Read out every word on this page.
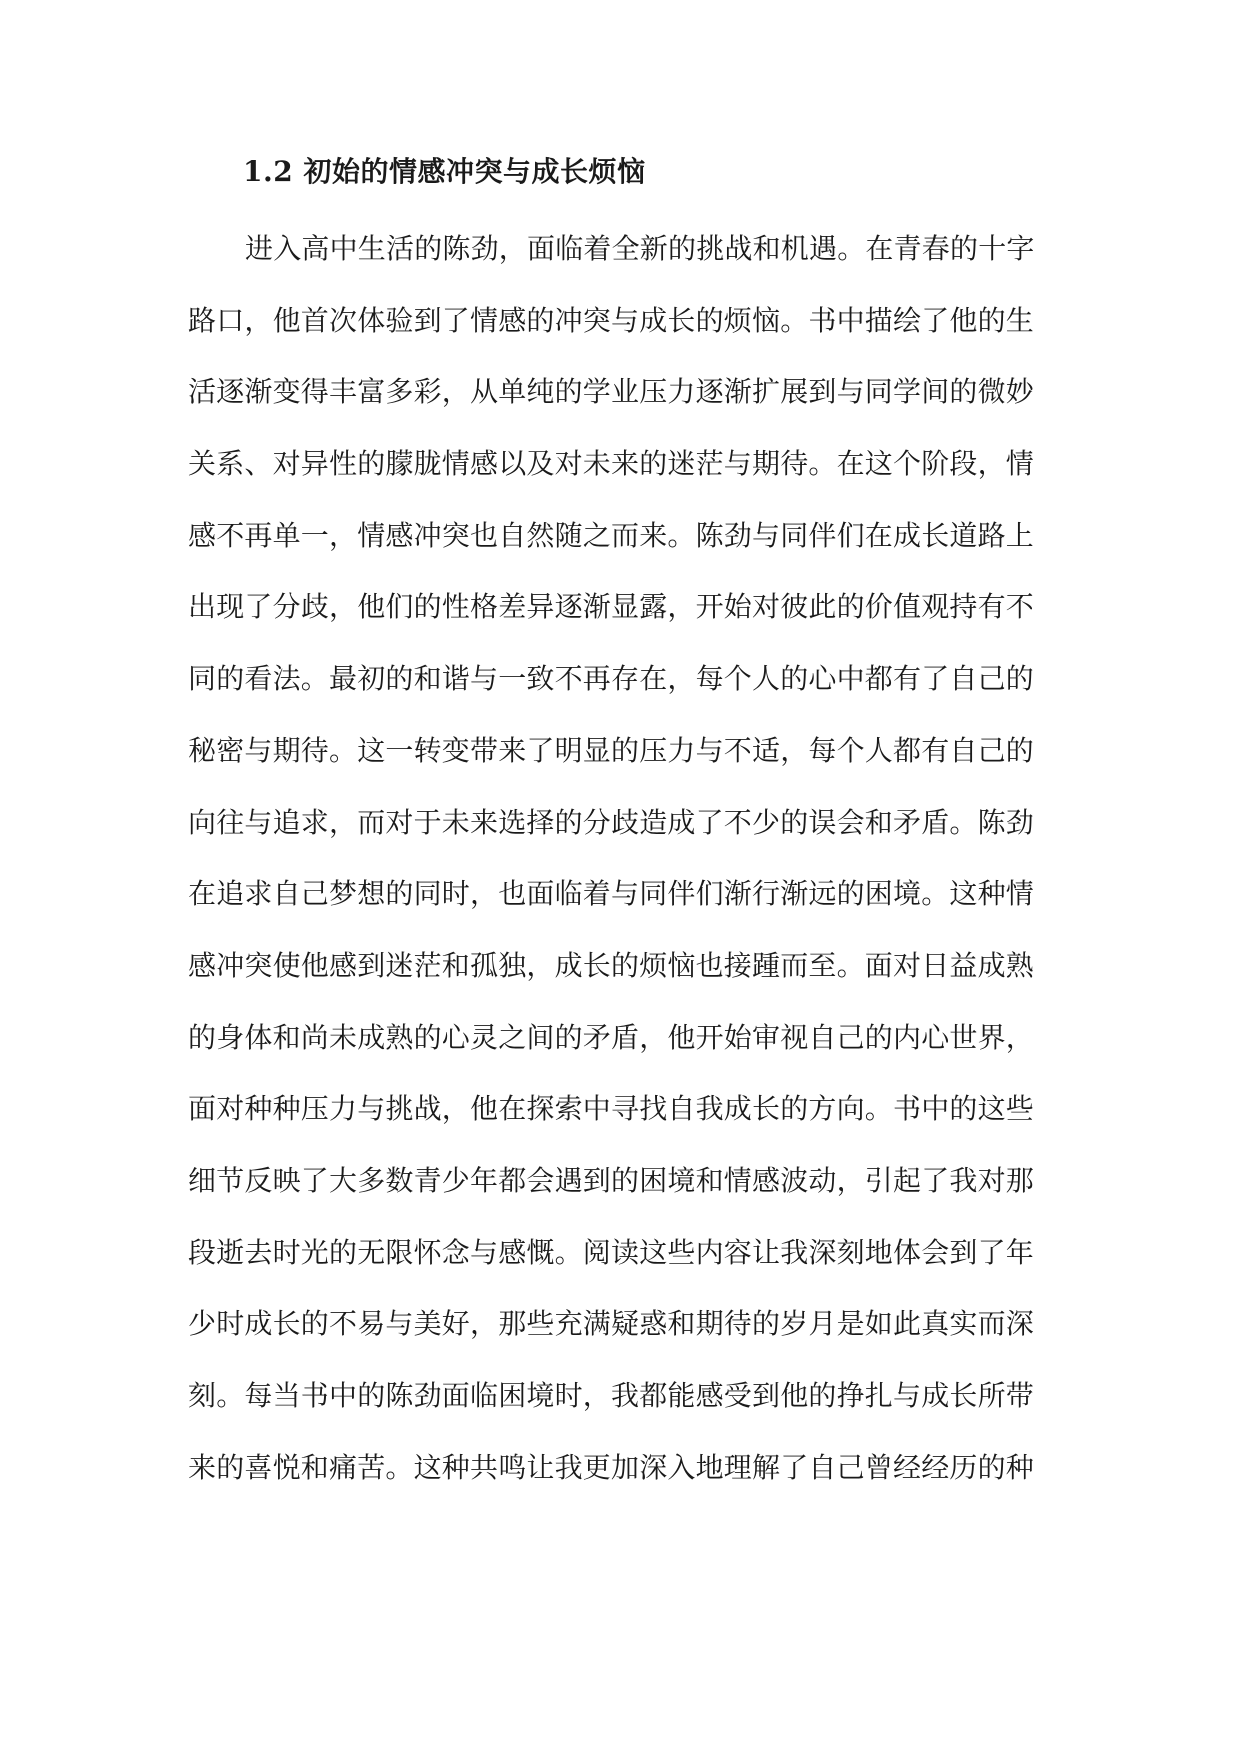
1.2 初始的情感冲突与成长烦恼
进入高中生活的陈劲，面临着全新的挑战和机遇。在青春的十字
路口，他首次体验到了情感的冲突与成长的烦恼。书中描绘了他的生
活逐渐变得丰富多彩，从单纯的学业压力逐渐扩展到与同学间的微妙
关系、对异性的朦胧情感以及对未来的迷茫与期待。在这个阶段，情
感不再单一，情感冲突也自然随之而来。陈劲与同伴们在成长道路上
出现了分歧，他们的性格差异逐渐显露，开始对彼此的价值观持有不
同的看法。最初的和谐与一致不再存在，每个人的心中都有了自己的
秘密与期待。这一转变带来了明显的压力与不适，每个人都有自己的
向往与追求，而对于未来选择的分歧造成了不少的误会和矛盾。陈劲
在追求自己梦想的同时，也面临着与同伴们渐行渐远的困境。这种情
感冲突使他感到迷茫和孤独，成长的烦恼也接踵而至。面对日益成熟
的身体和尚未成熟的心灵之间的矛盾，他开始审视自己的内心世界，
面对种种压力与挑战，他在探索中寻找自我成长的方向。书中的这些
细节反映了大多数青少年都会遇到的困境和情感波动，引起了我对那
段逝去时光的无限怀念与感慨。阅读这些内容让我深刻地体会到了年
少时成长的不易与美好，那些充满疑惑和期待的岁月是如此真实而深
刻。每当书中的陈劲面临困境时，我都能感受到他的挣扎与成长所带
来的喜悦和痛苦。这种共鸣让我更加深入地理解了自己曾经经历的种
